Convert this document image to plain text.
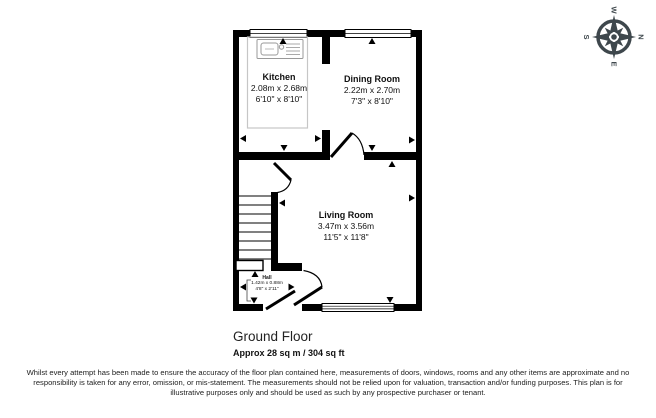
N
E
S
W
Kitchen
2.08m x 2.68m
6'10" x 8'10"
Dining Room
2.22m x 2.70m
7'3" x 8'10"
Living Room
3.47m x 3.56m
11'5" x 11'8"
Hall
1.42m x 0.88m
4'8" x 2'11"
Ground Floor
Approx 28 sq m / 304 sq ft
Whilst every attempt has been made to ensure the accuracy of the floor plan contained here, measurements of doors, windows, rooms and any other items are approximate and no responsibility is taken for any error, omission, or mis-statement. The measurements should not be relied upon for valuation, transaction and/or funding purposes. This plan is for illustrative purposes only and should be used as such by any prospective purchaser or tenant.
